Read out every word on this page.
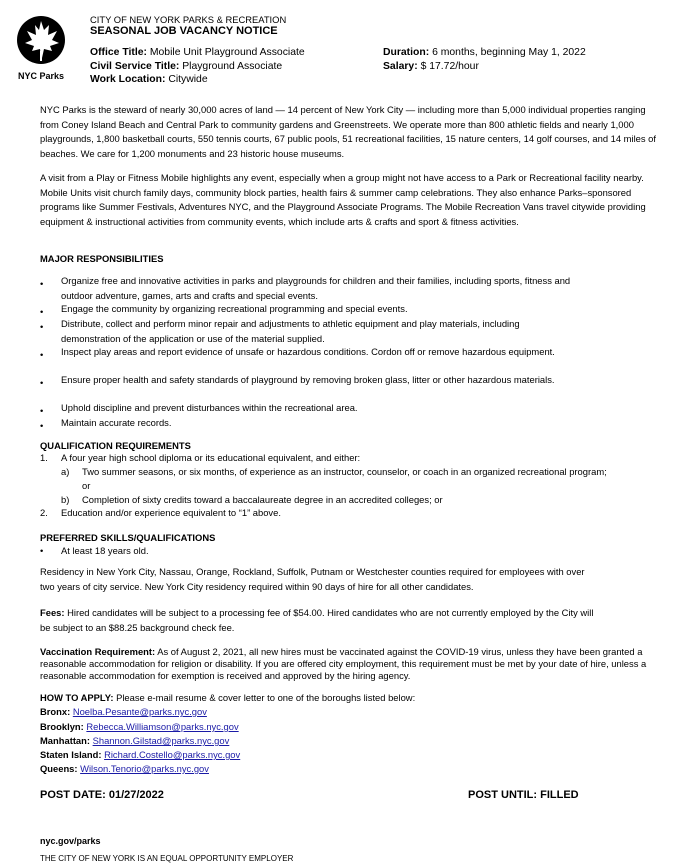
NYC Parks
CITY OF NEW YORK PARKS & RECREATION
SEASONAL JOB VACANCY NOTICE
Office Title: Mobile Unit Playground Associate
Civil Service Title: Playground Associate
Work Location: Citywide
Duration: 6 months, beginning May 1, 2022
Salary: $ 17.72/hour
NYC Parks is the steward of nearly 30,000 acres of land — 14 percent of New York City — including more than 5,000 individual properties ranging from Coney Island Beach and Central Park to community gardens and Greenstreets. We operate more than 800 athletic fields and nearly 1,000 playgrounds, 1,800 basketball courts, 550 tennis courts, 67 public pools, 51 recreational facilities, 15 nature centers, 14 golf courses, and 14 miles of beaches. We care for 1,200 monuments and 23 historic house museums.
A visit from a Play or Fitness Mobile highlights any event, especially when a group might not have access to a Park or Recreational facility nearby. Mobile Units visit church family days, community block parties, health fairs & summer camp celebrations. They also enhance Parks–sponsored programs like Summer Festivals, Adventures NYC, and the Playground Associate Programs. The Mobile Recreation Vans travel citywide providing equipment & instructional activities from community events, which include arts & crafts and sport & fitness activities.
MAJOR RESPONSIBILITIES
• Organize free and innovative activities in parks and playgrounds for children and their families, including sports, fitness and outdoor adventure, games, arts and crafts and special events.
• Engage the community by organizing recreational programming and special events.
• Distribute, collect and perform minor repair and adjustments to athletic equipment and play materials, including demonstration of the application or use of the material supplied.
• Inspect play areas and report evidence of unsafe or hazardous conditions. Cordon off or remove hazardous equipment.
• Ensure proper health and safety standards of playground by removing broken glass, litter or other hazardous materials.
• Uphold discipline and prevent disturbances within the recreational area.
• Maintain accurate records.
QUALIFICATION REQUIREMENTS
1. A four year high school diploma or its educational equivalent, and either:
a) Two summer seasons, or six months, of experience as an instructor, counselor, or coach in an organized recreational program;
or
b) Completion of sixty credits toward a baccalaureate degree in an accredited colleges; or
2. Education and/or experience equivalent to “1” above.
PREFERRED SKILLS/QUALIFICATIONS
• At least 18 years old.
Residency in New York City, Nassau, Orange, Rockland, Suffolk, Putnam or Westchester counties required for employees with over two years of city service. New York City residency required within 90 days of hire for all other candidates.
Fees: Hired candidates will be subject to a processing fee of $54.00. Hired candidates who are not currently employed by the City will be subject to an $88.25 background check fee.
Vaccination Requirement: As of August 2, 2021, all new hires must be vaccinated against the COVID-19 virus, unless they have been granted a reasonable accommodation for religion or disability. If you are offered city employment, this requirement must be met by your date of hire, unless a reasonable accommodation for exemption is received and approved by the hiring agency.
HOW TO APPLY: Please e-mail resume & cover letter to one of the boroughs listed below:
Bronx: Noelba.Pesante@parks.nyc.gov
Brooklyn: Rebecca.Williamson@parks.nyc.gov
Manhattan: Shannon.Gilstad@parks.nyc.gov
Staten Island: Richard.Costello@parks.nyc.gov
Queens: Wilson.Tenorio@parks.nyc.gov
POST DATE: 01/27/2022	POST UNTIL: FILLED
nyc.gov/parks
THE CITY OF NEW YORK IS AN EQUAL OPPORTUNITY EMPLOYER
